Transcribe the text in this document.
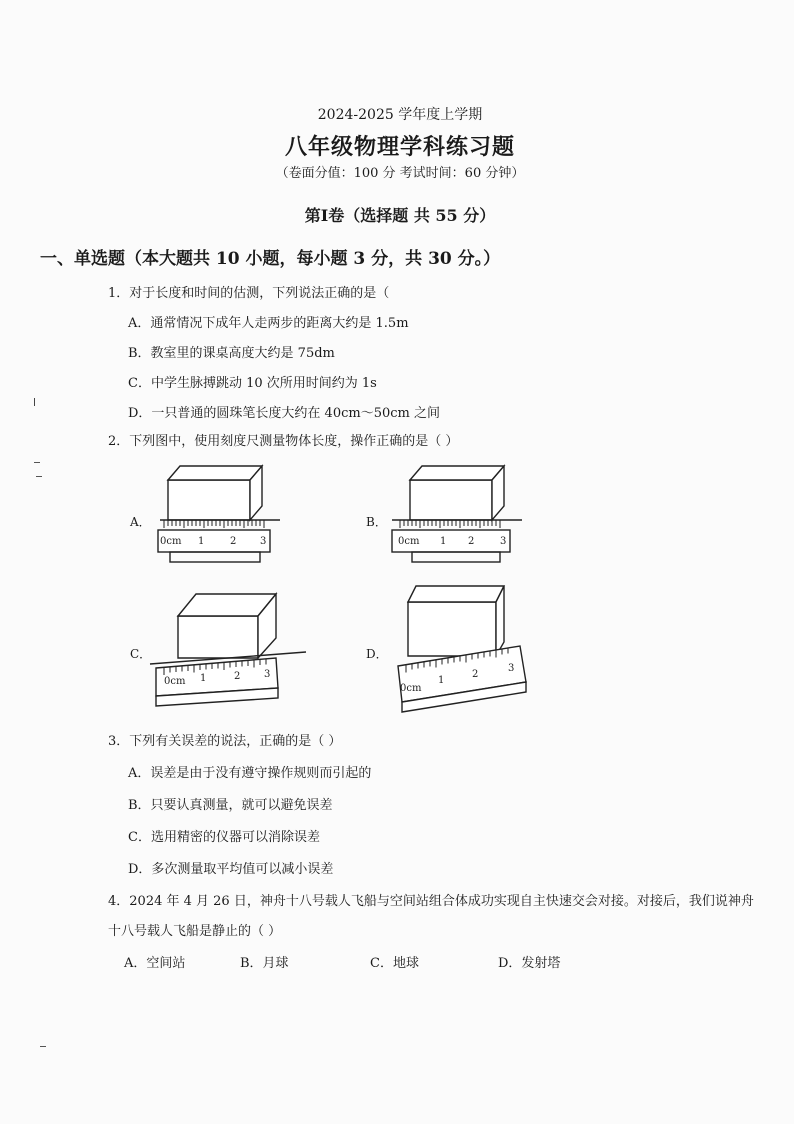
2024-2025 学年度上学期
八年级物理学科练习题
（卷面分值：100 分 考试时间：60 分钟）
第Ⅰ卷（选择题 共 55 分）
一、单选题（本大题共 10 小题，每小题 3 分，共 30 分。）
1．对于长度和时间的估测，下列说法正确的是（
A．通常情况下成年人走两步的距离大约是 1.5m
B．教室里的课桌高度大约是 75dm
C．中学生脉搏跳动 10 次所用时间约为 1s
D．一只普通的圆珠笔长度大约在 40cm～50cm 之间
2．下列图中，使用刻度尺测量物体长度，操作正确的是（ ）
A．
0cm 1	2 3
B．
0cm 1 2	3
C．
0cm 1	2 3
D．
0cm
1
2
3
3．下列有关误差的说法，正确的是（ ）
A．误差是由于没有遵守操作规则而引起的
B．只要认真测量，就可以避免误差
C．选用精密的仪器可以消除误差
D．多次测量取平均值可以减小误差
4．2024 年 4 月 26 日，神舟十八号载人飞船与空间站组合体成功实现自主快速交会对接。对接后，我们说神舟
十八号载人飞船是静止的（ ）
A．空间站	B．月球	C．地球	D．发射塔
